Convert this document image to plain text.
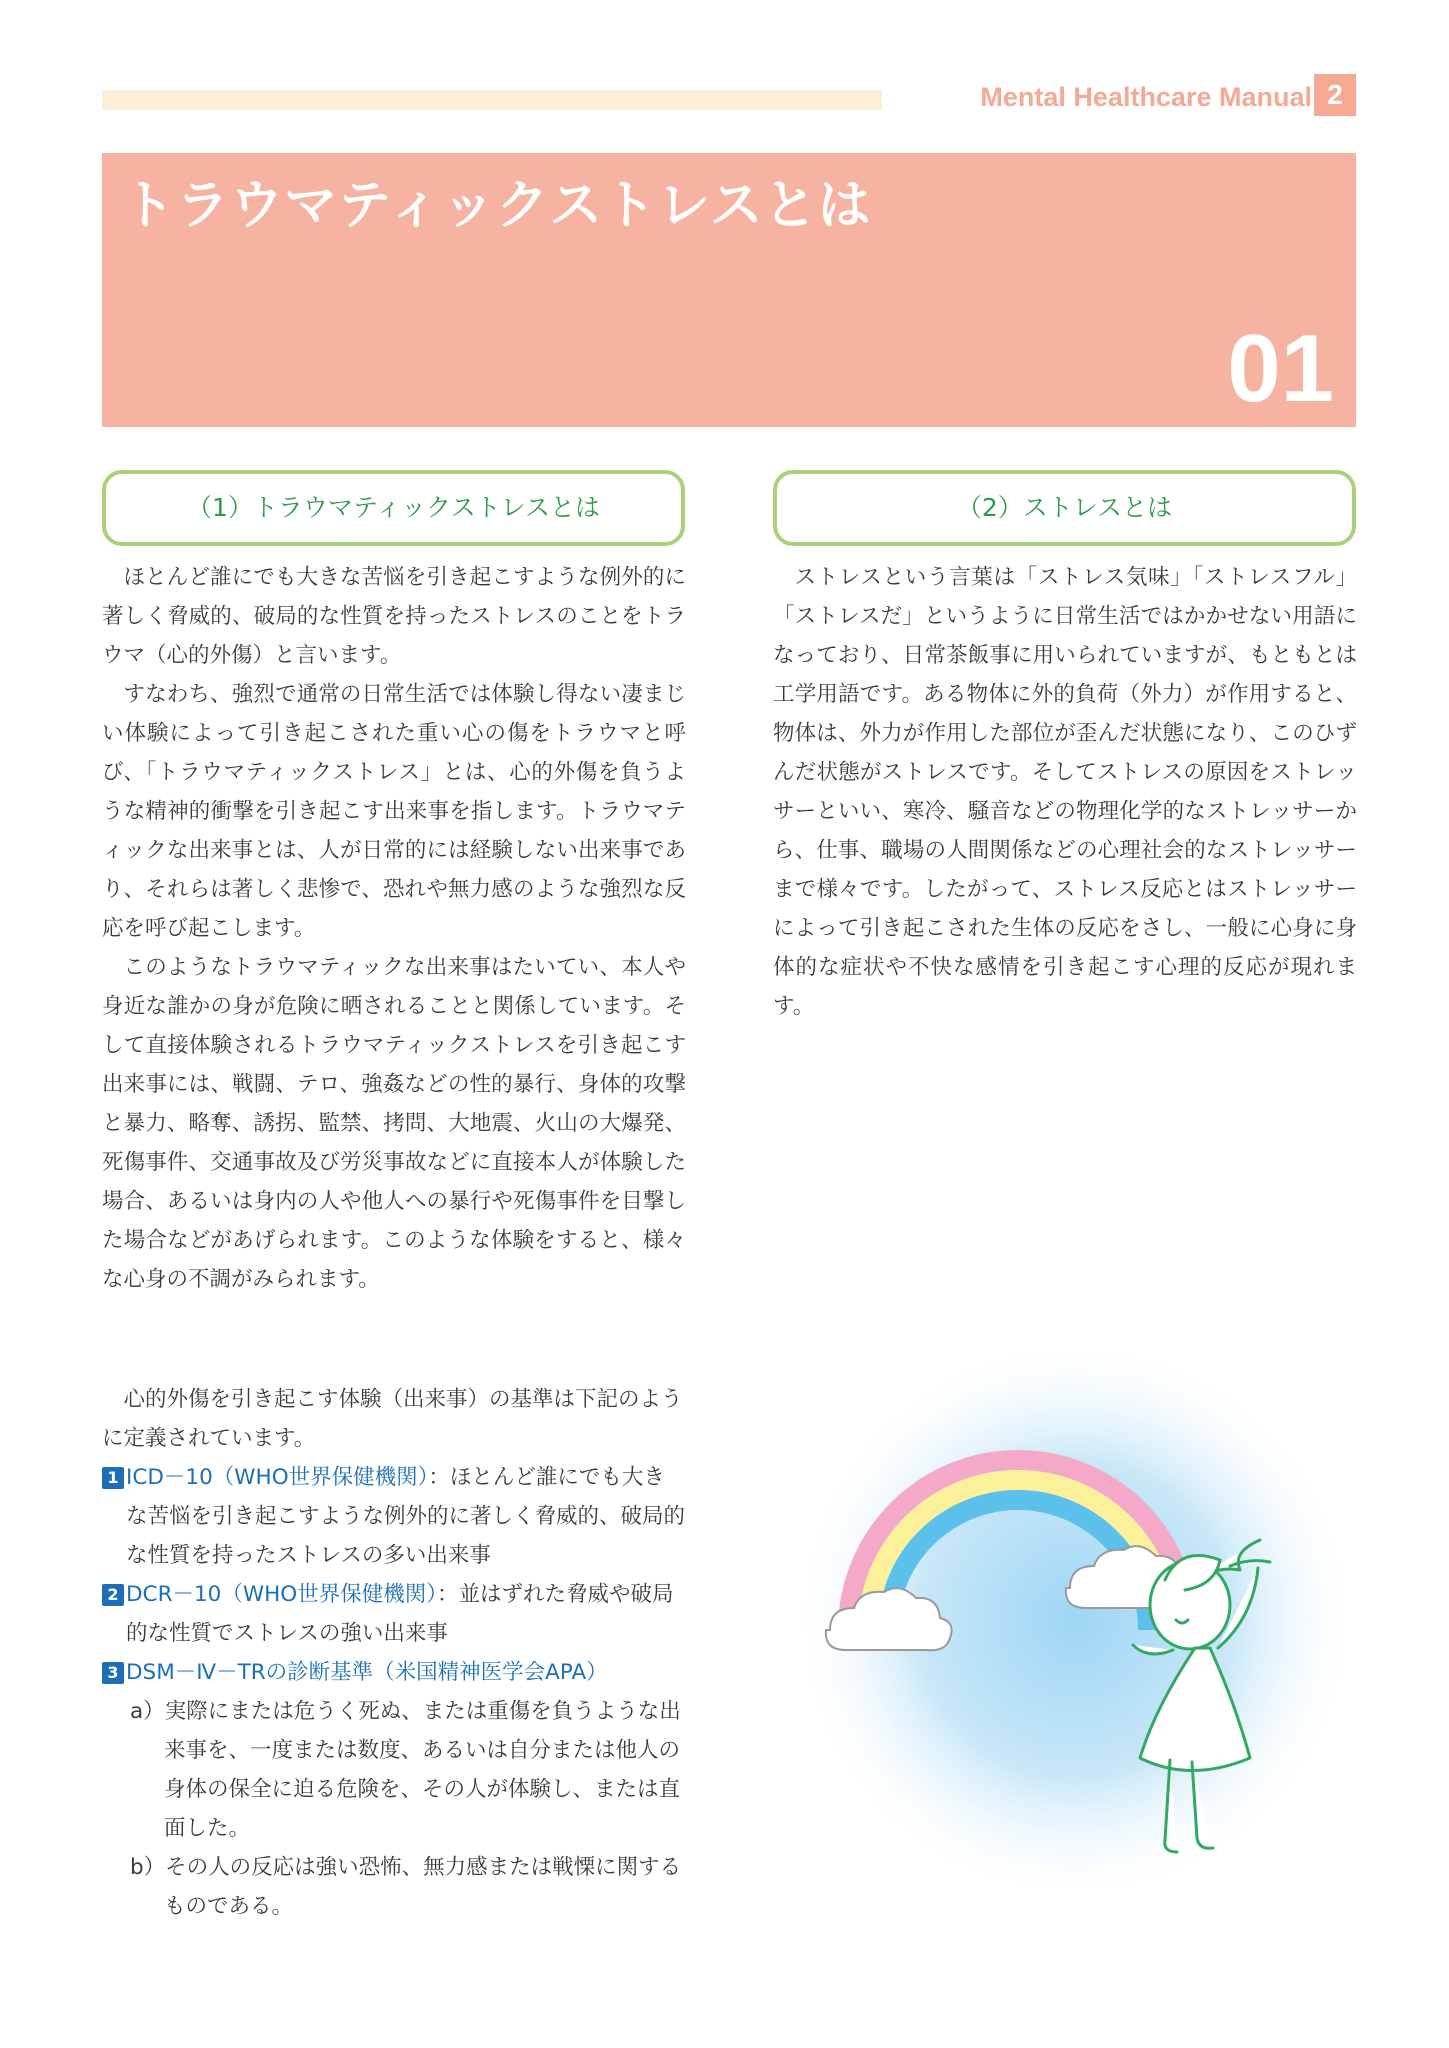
Mental Healthcare Manual 2
トラウマティックストレスとは
01
（1）トラウマティックストレスとは	（2）ストレスとは

ほとんど誰にでも大きな苦悩を引き起こすような例外的に著しく脅威的、破局的な性質を持ったストレスのことをトラウマ（心的外傷）と言います。

すなわち、強烈で通常の日常生活では体験し得ない凄まじい体験によって引き起こされた重い心の傷をトラウマと呼び、「トラウマティックストレス」とは、心的外傷を負うような精神的衝撃を引き起こす出来事を指します。トラウマティックな出来事とは、人が日常的には経験しない出来事であり、それらは著しく悲惨で、恐れや無力感のような強烈な反応を呼び起こします。

このようなトラウマティックな出来事はたいてい、本人や身近な誰かの身が危険に晒されることと関係しています。そして直接体験されるトラウマティックストレスを引き起こす出来事には、戦闘、テロ、強姦などの性的暴行、身体的攻撃と暴力、略奪、誘拐、監禁、拷問、大地震、火山の大爆発、死傷事件、交通事故及び労災事故などに直接本人が体験した場合、あるいは身内の人や他人への暴行や死傷事件を目撃した場合などがあげられます。このような体験をすると、様々な心身の不調がみられます。

心的外傷を引き起こす体験（出来事）の基準は下記のように定義されています。

1 ICD－10（WHO世界保健機関）：ほとんど誰にでも大きな苦悩を引き起こすような例外的に著しく脅威的、破局的な性質を持ったストレスの多い出来事

2 DCR－10（WHO世界保健機関）：並はずれた脅威や破局的な性質でストレスの強い出来事

3 DSM－Ⅳ－TRの診断基準（米国精神医学会APA）

a）実際にまたは危うく死ぬ、または重傷を負うような出来事を、一度または数度、あるいは自分または他人の身体の保全に迫る危険を、その人が体験し、または直面した。

b）その人の反応は強い恐怖、無力感または戦慄に関するものである。

ストレスという言葉は「ストレス気味」「ストレスフル」「ストレスだ」というように日常生活ではかかせない用語になっており、日常茶飯事に用いられていますが、もともとは工学用語です。ある物体に外的負荷（外力）が作用すると、物体は、外力が作用した部位が歪んだ状態になり、このひずんだ状態がストレスです。そしてストレスの原因をストレッサーといい、寒冷、騒音などの物理化学的なストレッサーから、仕事、職場の人間関係などの心理社会的なストレッサーまで様々です。したがって、ストレス反応とはストレッサーによって引き起こされた生体の反応をさし、一般に心身に身体的な症状や不快な感情を引き起こす心理的反応が現れます。
